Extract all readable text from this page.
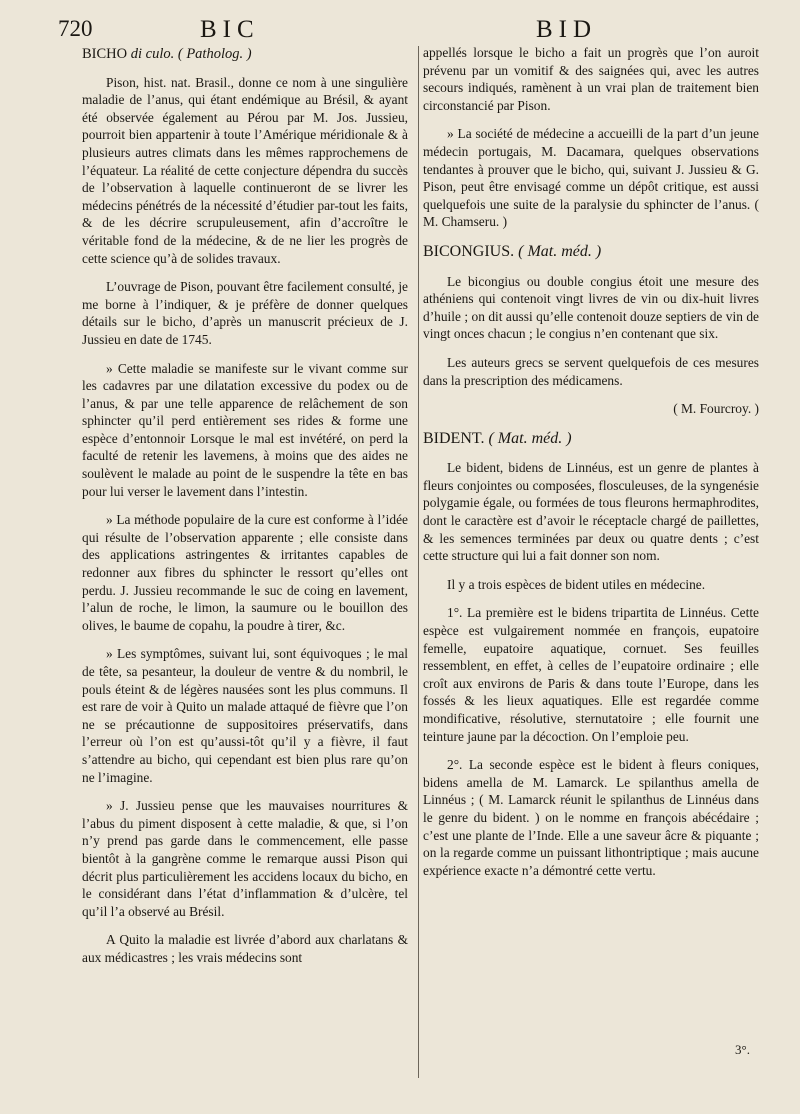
720	BIC	BID
BICHO di culo. ( Patholog. )

Pison, hist. nat. Brasil., donne ce nom à une singulière maladie de l’anus, qui étant endémique au Brésil, & ayant été observée également au Pérou par M. Jos. Jussieu, pourroit bien appartenir à toute l’Amérique méridionale & à plusieurs autres climats dans les mêmes rapprochemens de l’équateur. La réalité de cette conjecture dépendra du succès de l’observation à laquelle continueront de se livrer les médecins pénétrés de la nécessité d’étudier par-tout les faits, & de les décrire scrupuleusement, afin d’accroître le véritable fond de la médecine, & de ne lier les progrès de cette science qu’à de solides travaux.

L’ouvrage de Pison, pouvant être facilement consulté, je me borne à l’indiquer, & je préfère de donner quelques détails sur le bicho, d’après un manuscrit précieux de J. Jussieu en date de 1745.

» Cette maladie se manifeste sur le vivant comme sur les cadavres par une dilatation excessive du podex ou de l’anus, & par une telle apparence de relâchement de son sphincter qu’il perd entièrement ses rides & forme une espèce d’entonnoir Lorsque le mal est invétéré, on perd la faculté de retenir les lavemens, à moins que des aides ne soulèvent le malade au point de le suspendre la tête en bas pour lui verser le lavement dans l’intestin.

» La méthode populaire de la cure est conforme à l’idée qui résulte de l’observation apparente ; elle consiste dans des applications astringentes & irritantes capables de redonner aux fibres du sphincter le ressort qu’elles ont perdu. J. Jussieu recommande le suc de coing en lavement, l’alun de roche, le limon, la saumure ou le bouillon des olives, le baume de copahu, la poudre à tirer, &c.

» Les symptômes, suivant lui, sont équivoques ; le mal de tête, sa pesanteur, la douleur de ventre & du nombril, le pouls éteint & de légères nausées sont les plus communs. Il est rare de voir à Quito un malade attaqué de fièvre que l’on ne se précautionne de suppositoires préservatifs, dans l’erreur où l’on est qu’aussi-tôt qu’il y a fièvre, il faut s’attendre au bicho, qui cependant est bien plus rare qu’on ne l’imagine.

» J. Jussieu pense que les mauvaises nourritures & l’abus du piment disposent à cette maladie, & que, si l’on n’y prend pas garde dans le commencement, elle passe bientôt à la gangrène comme le remarque aussi Pison qui décrit plus particulièrement les accidens locaux du bicho, en le considérant dans l’état d’inflammation & d’ulcère, tel qu’il l’a observé au Brésil.

A Quito la maladie est livrée d’abord aux charlatans & aux médicastres ; les vrais médecins sont

appellés lorsque le bicho a fait un progrès que l’on auroit prévenu par un vomitif & des saignées qui, avec les autres secours indiqués, ramènent à un vrai plan de traitement bien circonstancié par Pison.

» La société de médecine a accueilli de la part d’un jeune médecin portugais, M. Dacamara, quelques observations tendantes à prouver que le bicho, qui, suivant J. Jussieu & G. Pison, peut être envisagé comme un dépôt critique, est aussi quelquefois une suite de la paralysie du sphincter de l’anus. ( M. Chamseru. )

BICONGIUS. ( Mat. méd. )

Le bicongius ou double congius étoit une mesure des athéniens qui contenoit vingt livres de vin ou dix-huit livres d’huile ; on dit aussi qu’elle contenoit douze septiers de vin de vingt onces chacun ; le congius n’en contenant que six.

Les auteurs grecs se servent quelquefois de ces mesures dans la prescription des médicamens.

( M. Fourcroy. )

BIDENT. ( Mat. méd. )

Le bident, bidens de Linnéus, est un genre de plantes à fleurs conjointes ou composées, flosculeuses, de la syngenésie polygamie égale, ou formées de tous fleurons hermaphrodites, dont le caractère est d’avoir le réceptacle chargé de paillettes, & les semences terminées par deux ou quatre dents ; c’est cette structure qui lui a fait donner son nom.

Il y a trois espèces de bident utiles en médecine.

1°. La première est le bidens tripartita de Linnéus. Cette espèce est vulgairement nommée en françois, eupatoire femelle, eupatoire aquatique, cornuet. Ses feuilles ressemblent, en effet, à celles de l’eupatoire ordinaire ; elle croît aux environs de Paris & dans toute l’Europe, dans les fossés & les lieux aquatiques. Elle est regardée comme mondificative, résolutive, sternutatoire ; elle fournit une teinture jaune par la décoction. On l’emploie peu.

2°. La seconde espèce est le bident à fleurs coniques, bidens amella de M. Lamarck. Le spilanthus amella de Linnéus ; ( M. Lamarck réunit le spilanthus de Linnéus dans le genre du bident. ) on le nomme en françois abécédaire ; c’est une plante de l’Inde. Elle a une saveur âcre & piquante ; on la regarde comme un puissant lithontriptique ; mais aucune expérience exacte n’a démontré cette vertu.

3°.
